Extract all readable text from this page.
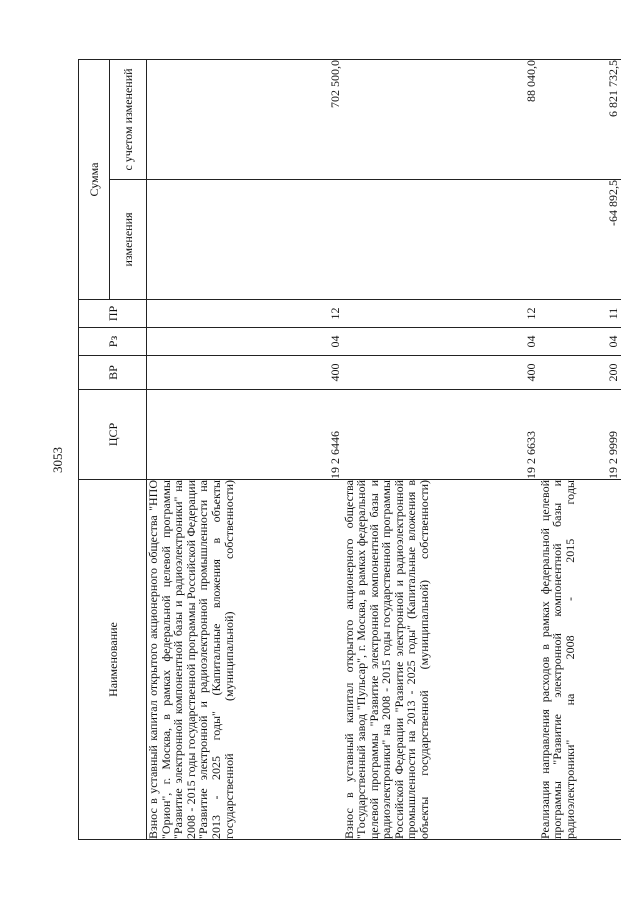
3053
Наименование	ЦСР	ВР	Рз	ПР	Сумма	
					изменения	с учетом изменений
Взнос в уставный капитал открытого акционерного общества "НПО "Орион", г. Москва, в рамках федеральной целевой программы "Развитие электронной компонентной базы и радиоэлектроники" на 2008 - 2015 годы государственной программы Российской Федерации "Развитие электронной и радиоэлектронной промышленности на 2013 - 2025 годы" (Капитальные вложения в объекты государственной (муниципальной) собственности)	19 2 6446	400	04	12		702 500,0
Взнос в уставный капитал открытого акционерного общества "Государственный завод "Пульсар", г. Москва, в рамках федеральной целевой программы "Развитие электронной компонентной базы и радиоэлектроники" на 2008 - 2015 годы государственной программы Российской Федерации "Развитие электронной и радиоэлектронной промышленности на 2013 - 2025 годы" (Капитальные вложения в объекты государственной (муниципальной) собственности)	19 2 6633	400	04	12		88 040,0
Реализация направления расходов в рамках федеральной целевой программы "Развитие электронной компонентной базы и радиоэлектроники" на 2008 - 2015 годы	19 2 9999	200	04	11	-64 892,5	6 821 732,5
